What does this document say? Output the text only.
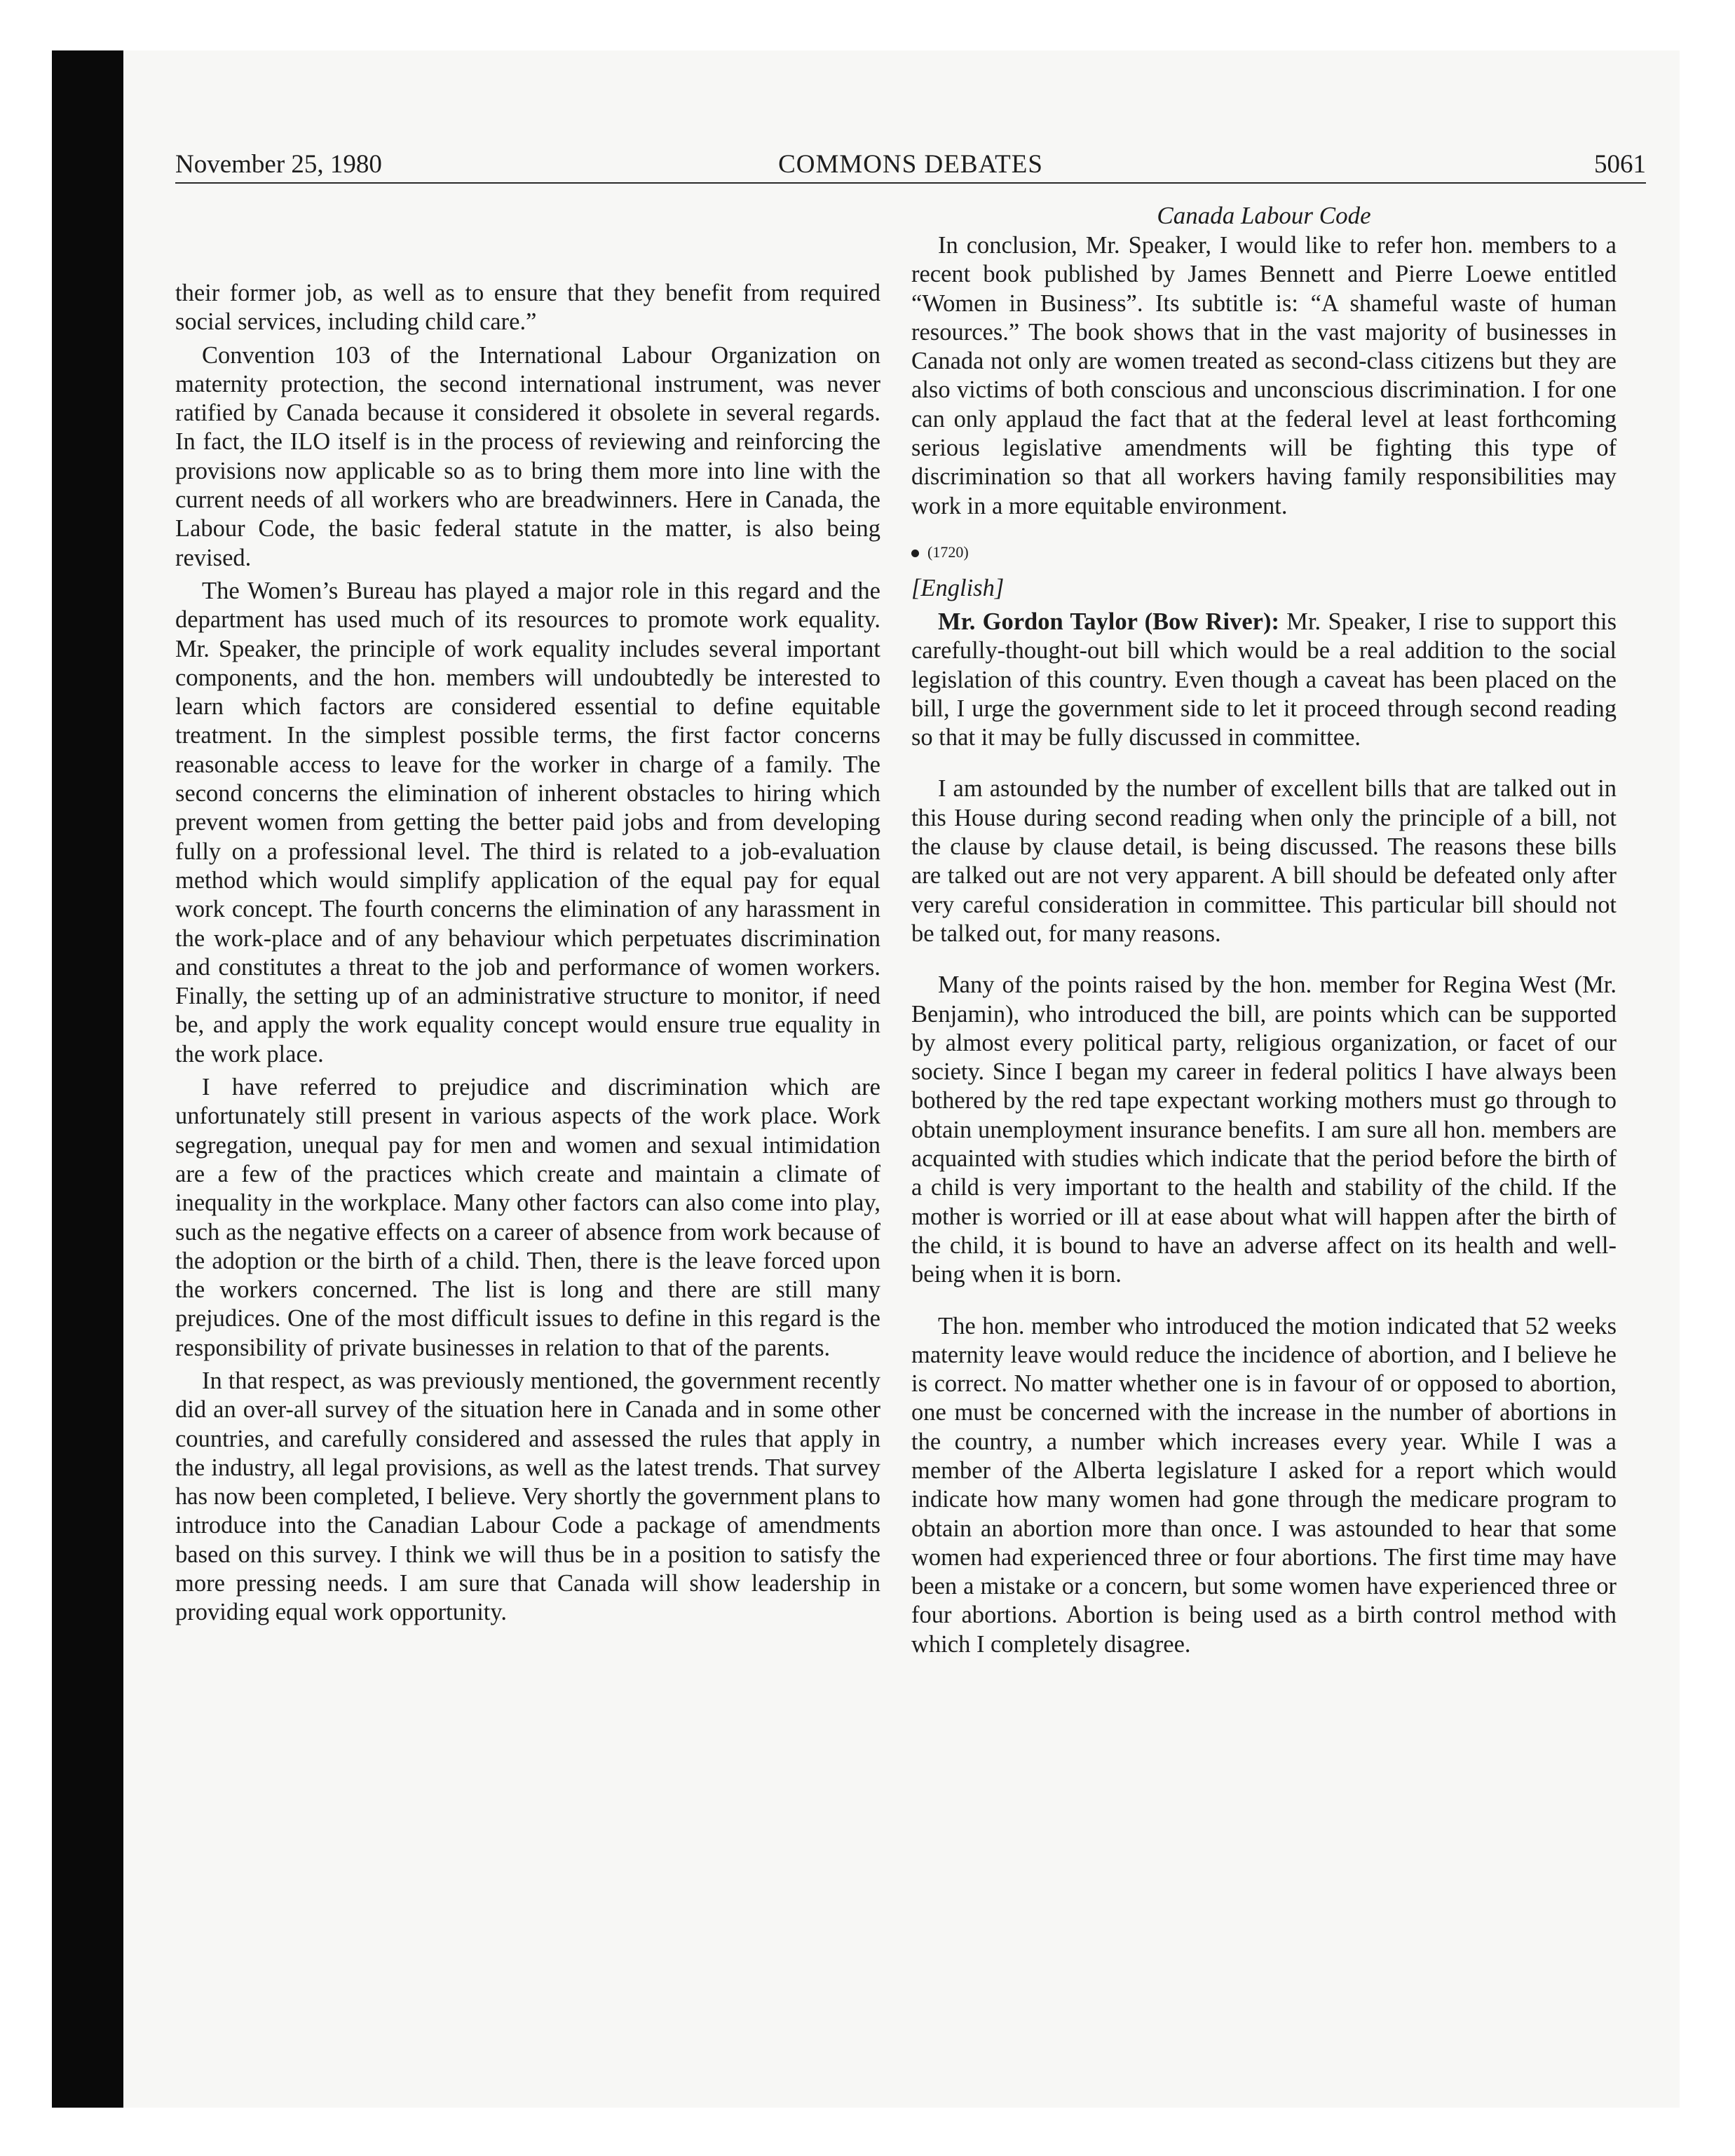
November 25, 1980	COMMONS DEBATES	5061

their former job, as well as to ensure that they benefit from required social services, including child care.”

Convention 103 of the International Labour Organization on maternity protection, the second international instrument, was never ratified by Canada because it considered it obsolete in several regards. In fact, the ILO itself is in the process of reviewing and reinforcing the provisions now applicable so as to bring them more into line with the current needs of all workers who are breadwinners. Here in Canada, the Labour Code, the basic federal statute in the matter, is also being revised.

The Women’s Bureau has played a major role in this regard and the department has used much of its resources to promote work equality. Mr. Speaker, the principle of work equality includes several important components, and the hon. members will undoubtedly be interested to learn which factors are considered essential to define equitable treatment. In the simplest possible terms, the first factor concerns reasonable access to leave for the worker in charge of a family. The second concerns the elimination of inherent obstacles to hiring which prevent women from getting the better paid jobs and from developing fully on a professional level. The third is related to a job-evaluation method which would simplify application of the equal pay for equal work concept. The fourth concerns the elimination of any harassment in the work-place and of any behaviour which perpetuates discrimination and constitutes a threat to the job and performance of women workers. Finally, the setting up of an administrative structure to monitor, if need be, and apply the work equality concept would ensure true equality in the work place.

I have referred to prejudice and discrimination which are unfortunately still present in various aspects of the work place. Work segregation, unequal pay for men and women and sexual intimidation are a few of the practices which create and maintain a climate of inequality in the workplace. Many other factors can also come into play, such as the negative effects on a career of absence from work because of the adoption or the birth of a child. Then, there is the leave forced upon the workers concerned. The list is long and there are still many prejudices. One of the most difficult issues to define in this regard is the responsibility of private businesses in relation to that of the parents.

In that respect, as was previously mentioned, the government recently did an over-all survey of the situation here in Canada and in some other countries, and carefully considered and assessed the rules that apply in the industry, all legal provisions, as well as the latest trends. That survey has now been completed, I believe. Very shortly the government plans to introduce into the Canadian Labour Code a package of amendments based on this survey. I think we will thus be in a position to satisfy the more pressing needs. I am sure that Canada will show leadership in providing equal work opportunity.

Canada Labour Code

In conclusion, Mr. Speaker, I would like to refer hon. members to a recent book published by James Bennett and Pierre Loewe entitled “Women in Business”. Its subtitle is: “A shameful waste of human resources.” The book shows that in the vast majority of businesses in Canada not only are women treated as second-class citizens but they are also victims of both conscious and unconscious discrimination. I for one can only applaud the fact that at the federal level at least forthcoming serious legislative amendments will be fighting this type of discrimination so that all workers having family responsibilities may work in a more equitable environment.

(1720)
[English]

Mr. Gordon Taylor (Bow River): Mr. Speaker, I rise to support this carefully-thought-out bill which would be a real addition to the social legislation of this country. Even though a caveat has been placed on the bill, I urge the government side to let it proceed through second reading so that it may be fully discussed in committee.

I am astounded by the number of excellent bills that are talked out in this House during second reading when only the principle of a bill, not the clause by clause detail, is being discussed. The reasons these bills are talked out are not very apparent. A bill should be defeated only after very careful consideration in committee. This particular bill should not be talked out, for many reasons.

Many of the points raised by the hon. member for Regina West (Mr. Benjamin), who introduced the bill, are points which can be supported by almost every political party, religious organization, or facet of our society. Since I began my career in federal politics I have always been bothered by the red tape expectant working mothers must go through to obtain unemployment insurance benefits. I am sure all hon. members are acquainted with studies which indicate that the period before the birth of a child is very important to the health and stability of the child. If the mother is worried or ill at ease about what will happen after the birth of the child, it is bound to have an adverse affect on its health and well-being when it is born.

The hon. member who introduced the motion indicated that 52 weeks maternity leave would reduce the incidence of abortion, and I believe he is correct. No matter whether one is in favour of or opposed to abortion, one must be concerned with the increase in the number of abortions in the country, a number which increases every year. While I was a member of the Alberta legislature I asked for a report which would indicate how many women had gone through the medicare program to obtain an abortion more than once. I was astounded to hear that some women had experienced three or four abortions. The first time may have been a mistake or a concern, but some women have experienced three or four abortions. Abortion is being used as a birth control method with which I completely disagree.
